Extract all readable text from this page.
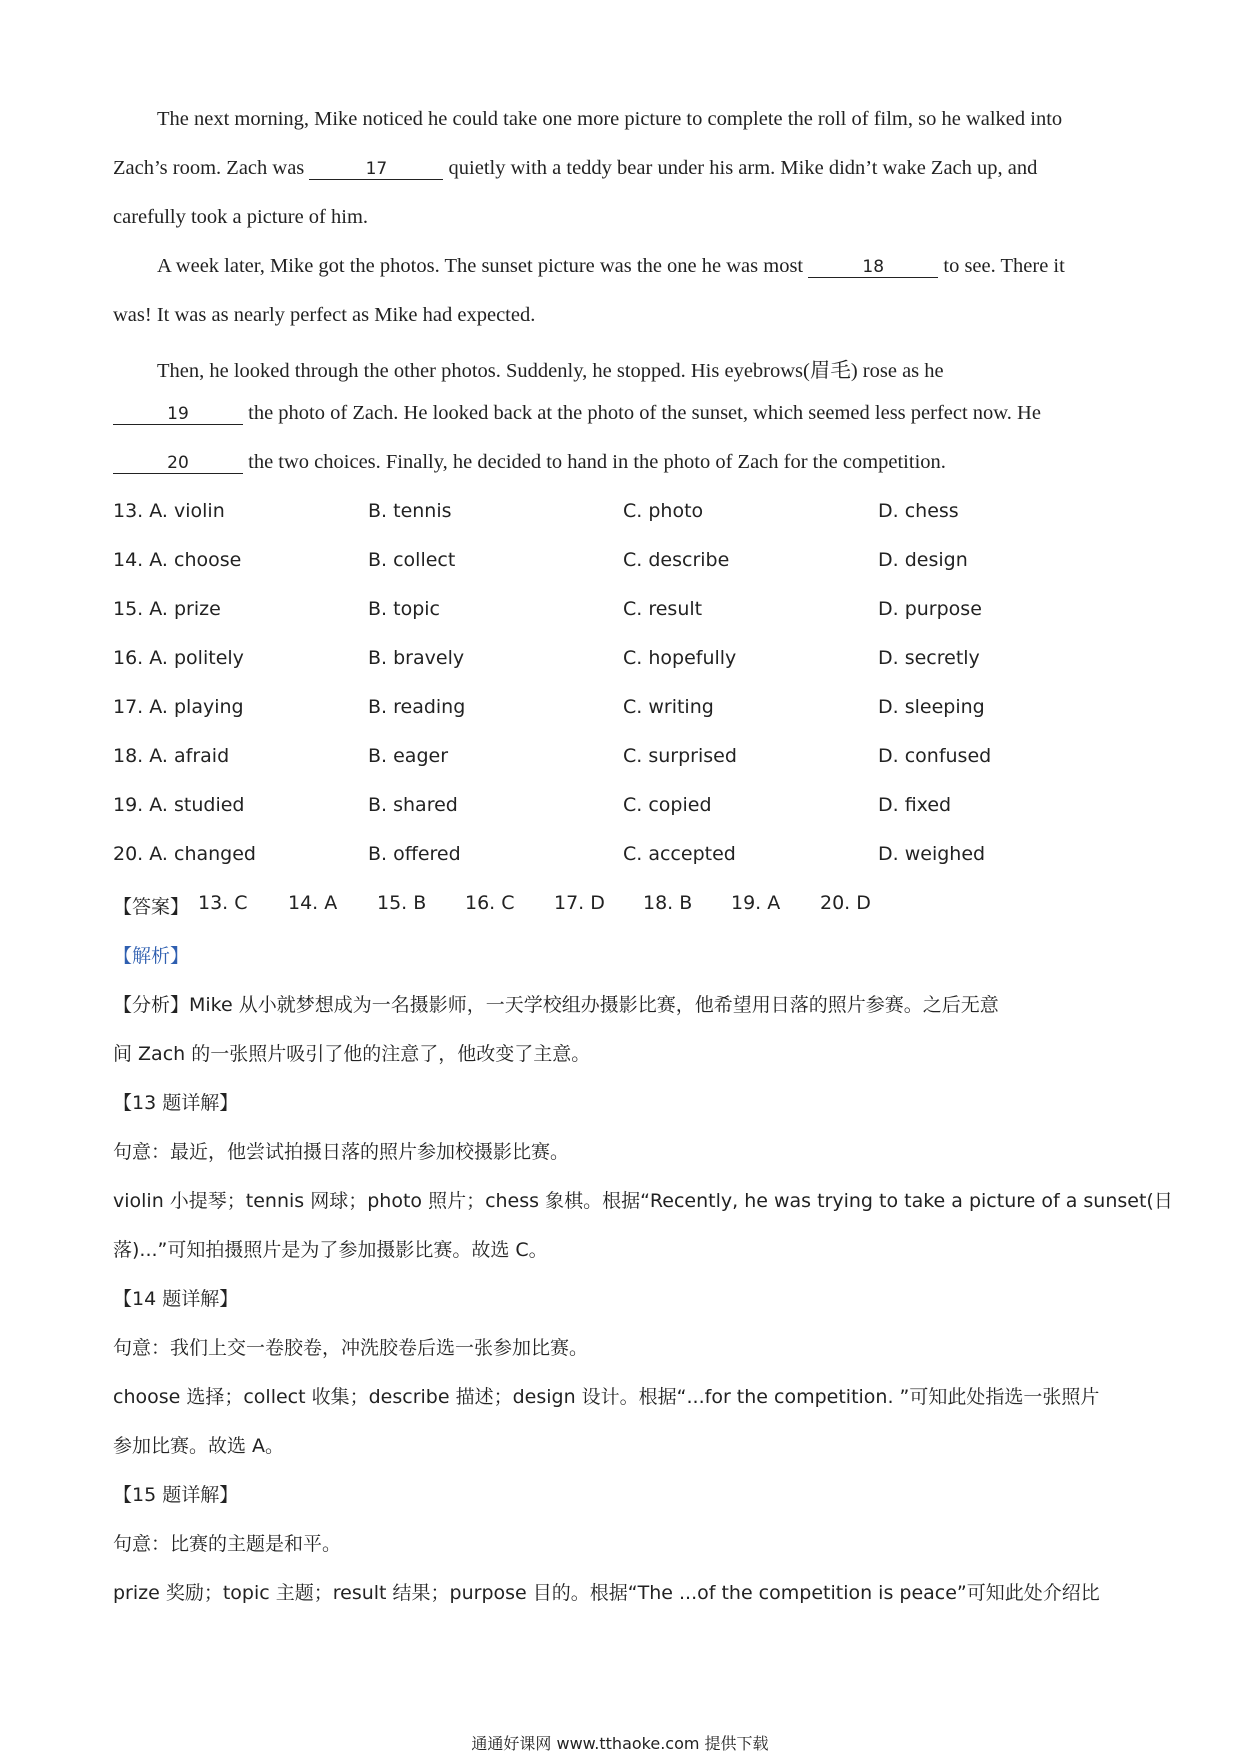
The next morning, Mike noticed he could take one more picture to complete the roll of film, so he walked into
Zach’s room. Zach was	17	quietly with a teddy bear under his arm. Mike didn’t wake Zach up, and
carefully took a picture of him.
A week later, Mike got the photos. The sunset picture was the one he was most	18	to see. There it
was! It was as nearly perfect as Mike had expected.
Then, he looked through the other photos. Suddenly, he stopped. His eyebrows(眉毛) rose as he
19	the photo of Zach. He looked back at the photo of the sunset, which seemed less perfect now. He
20	the two choices. Finally, he decided to hand in the photo of Zach for the competition.
13. A. violin	B. tennis	C. photo	D. chess
14. A. choose	B. collect	C. describe	D. design
15. A. prize	B. topic	C. result	D. purpose
16. A. politely	B. bravely	C. hopefully	D. secretly
17. A. playing	B. reading	C. writing	D. sleeping
18. A. afraid	B. eager	C. surprised	D. confused
19. A. studied	B. shared	C. copied	D. fixed
20. A. changed	B. offered	C. accepted	D. weighed
【答案】 13. C 14. A 15. B 16. C 17. D 18. B 19. A 20. D
【解析】
【分析】Mike 从小就梦想成为一名摄影师，一天学校组办摄影比赛，他希望用日落的照片参赛。之后无意
间 Zach 的一张照片吸引了他的注意了，他改变了主意。
【13 题详解】
句意：最近，他尝试拍摄日落的照片参加校摄影比赛。
violin 小提琴；tennis 网球；photo 照片；chess 象棋。根据“Recently, he was trying to take a picture of a sunset(日
落)...”可知拍摄照片是为了参加摄影比赛。故选 C。
【14 题详解】
句意：我们上交一卷胶卷，冲洗胶卷后选一张参加比赛。
choose 选择；collect 收集；describe 描述；design 设计。根据“...for the competition. ”可知此处指选一张照片
参加比赛。故选 A。
【15 题详解】
句意：比赛的主题是和平。
prize 奖励；topic 主题；result 结果；purpose 目的。根据“The ...of the competition is peace”可知此处介绍比
通通好课网 www.tthaoke.com 提供下载
